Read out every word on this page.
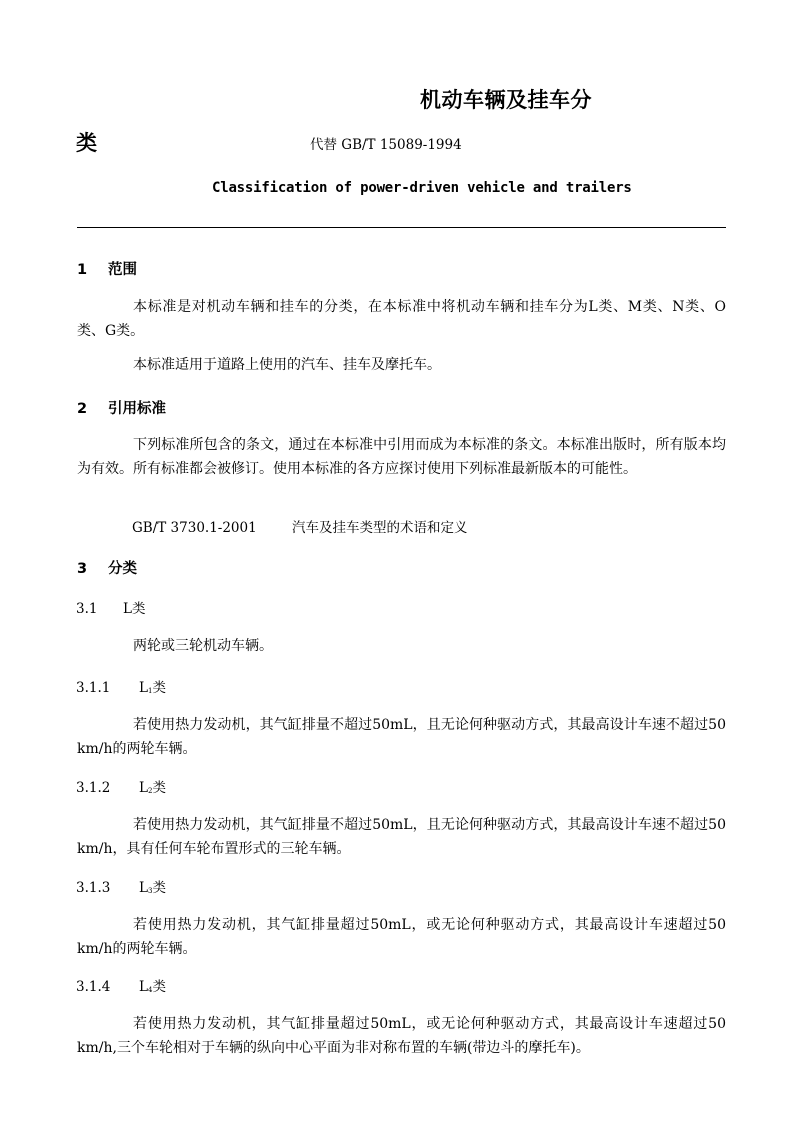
机动车辆及挂车分
类	代替 GB/T 15089-1994
Classification of power-driven vehicle and trailers
1 范围
本标准是对机动车辆和挂车的分类，在本标准中将机动车辆和挂车分为L类、M类、N类、O类、G类。
本标准适用于道路上使用的汽车、挂车及摩托车。
2 引用标准
下列标准所包含的条文，通过在本标准中引用而成为本标准的条文。本标准出版时，所有版本均为有效。所有标准都会被修订。使用本标准的各方应探讨使用下列标准最新版本的可能性。
GB/T 3730.1-2001	汽车及挂车类型的术语和定义
3 分类
3.1 L类
两轮或三轮机动车辆。
3.1.1 $L_1$类
若使用热力发动机，其气缸排量不超过50mL，且无论何种驱动方式，其最高设计车速不超过50 km/h的两轮车辆。
3.1.2 $L_2$类
若使用热力发动机，其气缸排量不超过50mL，且无论何种驱动方式，其最高设计车速不超过50 km/h，具有任何车轮布置形式的三轮车辆。
3.1.3 $L_3$类
若使用热力发动机，其气缸排量超过50mL，或无论何种驱动方式，其最高设计车速超过50 km/h的两轮车辆。
3.1.4 $L_4$类
若使用热力发动机，其气缸排量超过50mL，或无论何种驱动方式，其最高设计车速超过50 km/h,三个车轮相对于车辆的纵向中心平面为非对称布置的车辆(带边斗的摩托车)。
